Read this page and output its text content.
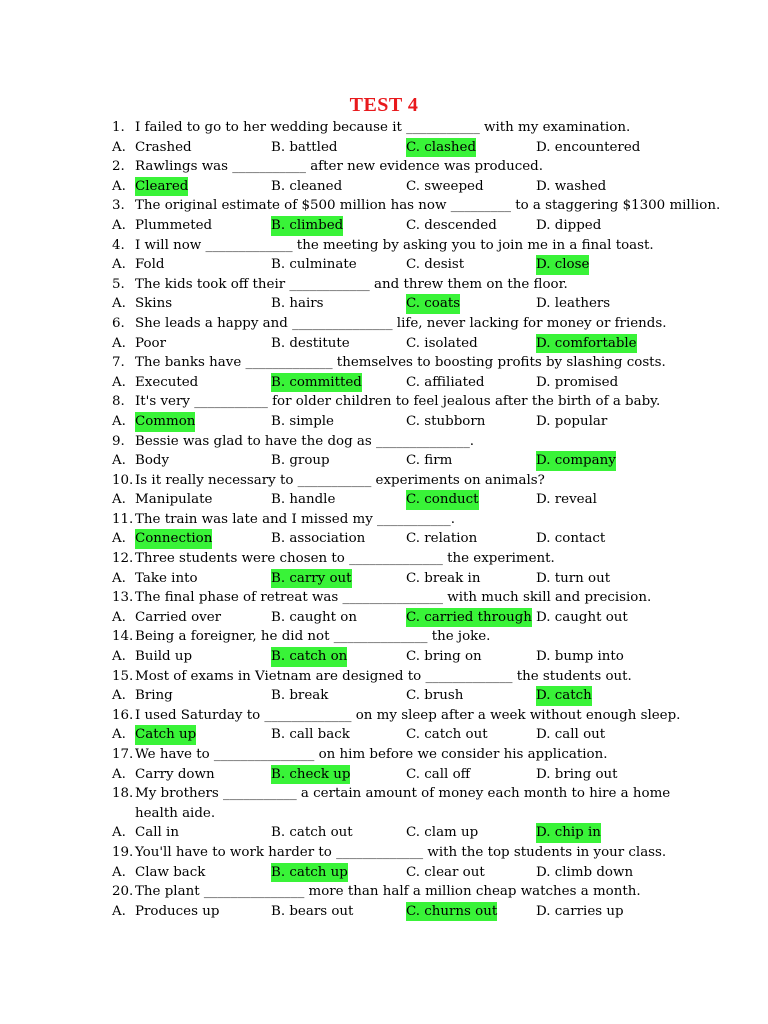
TEST 4
1. I failed to go to her wedding because it ___________ with my examination.
A. Crashed	B. battled	C. clashed	D. encountered
2. Rawlings was ___________ after new evidence was produced.
A. Cleared	B. cleaned	C. sweeped	D. washed
3. The original estimate of $500 million has now _________ to a staggering $1300 million.
A. Plummeted	B. climbed	C. descended	D. dipped
4. I will now _____________ the meeting by asking you to join me in a final toast.
A. Fold	B. culminate	C. desist	D. close
5. The kids took off their ____________ and threw them on the floor.
A. Skins	B. hairs	C. coats	D. leathers
6. She leads a happy and _______________ life, never lacking for money or friends.
A. Poor	B. destitute	C. isolated	D. comfortable
7. The banks have _____________ themselves to boosting profits by slashing costs.
A. Executed	B. committed	C. affiliated	D. promised
8. It's very ___________ for older children to feel jealous after the birth of a baby.
A. Common	B. simple	C. stubborn	D. popular
9. Bessie was glad to have the dog as ______________.
A. Body	B. group	C. firm	D. company
10. Is it really necessary to ___________ experiments on animals?
A. Manipulate	B. handle	C. conduct	D. reveal
11. The train was late and I missed my ___________.
A. Connection	B. association	C. relation	D. contact
12. Three students were chosen to ______________ the experiment.
A. Take into	B. carry out	C. break in	D. turn out
13. The final phase of retreat was _______________ with much skill and precision.
A. Carried over	B. caught on	C. carried through D. caught out
14. Being a foreigner, he did not ______________ the joke.
A. Build up	B. catch on	C. bring on	D. bump into
15. Most of exams in Vietnam are designed to _____________ the students out.
A. Bring	B. break	C. brush	D. catch
16. I used Saturday to _____________ on my sleep after a week without enough sleep.
A. Catch up	B. call back	C. catch out	D. call out
17. We have to _______________ on him before we consider his application.
A. Carry down	B. check up	C. call off	D. bring out
18. My brothers ___________ a certain amount of money each month to hire a home
health aide.
A. Call in	B. catch out	C. clam up	D. chip in
19. You'll have to work harder to _____________ with the top students in your class.
A. Claw back	B. catch up	C. clear out	D. climb down
20. The plant _______________ more than half a million cheap watches a month.
A. Produces up	B. bears out	C. churns out	D. carries up
